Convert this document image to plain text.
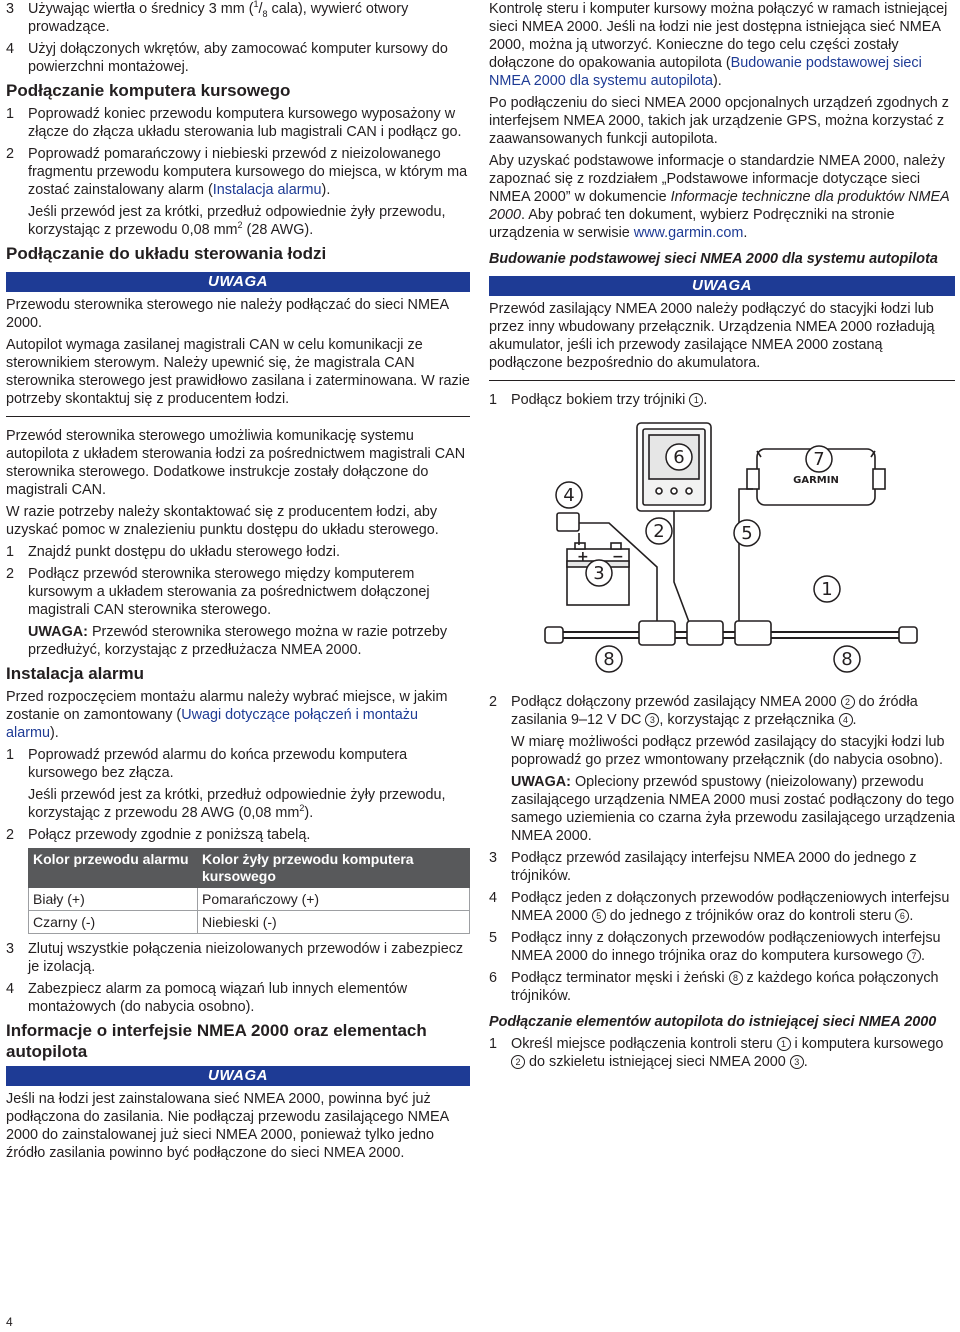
3 Używając wiertła o średnicy 3 mm ($^1/_8$ cala), wywierć otwory prowadzące.
4 Użyj dołączonych wkrętów, aby zamocować komputer kursowy do powierzchni montażowej.
Podłączanie komputera kursowego
1 Poprowadź koniec przewodu komputera kursowego wyposażony w złącze do złącza układu sterowania lub magistrali CAN i podłącz go.
2 Poprowadź pomarańczowy i niebieski przewód z nieizolowanego fragmentu przewodu komputera kursowego do miejsca, w którym ma zostać zainstalowany alarm (Instalacja alarmu).
Jeśli przewód jest za krótki, przedłuż odpowiednie żyły przewodu, korzystając z przewodu 0,08 $mm^2$ (28 AWG).
Podłączanie do układu sterowania łodzi
UWAGA

Przewodu sterownika sterowego nie należy podłączać do sieci NMEA 2000.

Autopilot wymaga zasilanej magistrali CAN w celu komunikacji ze sterownikiem sterowym. Należy upewnić się, że magistrala CAN sterownika sterowego jest prawidłowo zasilana i zaterminowana. W razie potrzeby skontaktuj się z producentem łodzi.

Przewód sterownika sterowego umożliwia komunikację systemu autopilota z układem sterowania łodzi za pośrednictwem magistrali CAN sterownika sterowego. Dodatkowe instrukcje zostały dołączone do magistrali CAN.

W razie potrzeby należy skontaktować się z producentem łodzi, aby uzyskać pomoc w znalezieniu punktu dostępu do układu sterowego.

1 Znajdź punkt dostępu do układu sterowego łodzi.
2 Podłącz przewód sterownika sterowego między komputerem kursowym a układem sterowania za pośrednictwem dołączonej magistrali CAN sterownika sterowego.
UWAGA: Przewód sterownika sterowego można w razie potrzeby przedłużyć, korzystając z przedłużacza NMEA 2000.
Instalacja alarmu

Przed rozpoczęciem montażu alarmu należy wybrać miejsce, w jakim zostanie on zamontowany (Uwagi dotyczące połączeń i montażu alarmu).

1 Poprowadź przewód alarmu do końca przewodu komputera kursowego bez złącza.
Jeśli przewód jest za krótki, przedłuż odpowiednie żyły przewodu, korzystając z przewodu 28 AWG (0,08 $mm^2$).
2 Połącz przewody zgodnie z poniższą tabelą.
Kolor przewodu alarmu	Kolor żyły przewodu komputera kursowego
Biały (+)	Pomarańczowy (+)
Czarny (-)	Niebieski (-)
3 Zlutuj wszystkie połączenia nieizolowanych przewodów i zabezpiecz je izolacją.
4 Zabezpiecz alarm za pomocą wiązań lub innych elementów montażowych (do nabycia osobno).
Informacje o interfejsie NMEA 2000 oraz elementach autopilota
UWAGA

Jeśli na łodzi jest zainstalowana sieć NMEA 2000, powinna być już podłączona do zasilania. Nie podłączaj przewodu zasilającego NMEA 2000 do zainstalowanej już sieci NMEA 2000, ponieważ tylko jedno źródło zasilania powinno być podłączone do sieci NMEA 2000.

4

Kontrolę steru i komputer kursowy można połączyć w ramach istniejącej sieci NMEA 2000. Jeśli na łodzi nie jest dostępna istniejąca sieć NMEA 2000, można ją utworzyć. Konieczne do tego celu części zostały dołączone do opakowania autopilota (Budowanie podstawowej sieci NMEA 2000 dla systemu autopilota).

Po podłączeniu do sieci NMEA 2000 opcjonalnych urządzeń zgodnych z interfejsem NMEA 2000, takich jak urządzenie GPS, można korzystać z zaawansowanych funkcji autopilota.

Aby uzyskać podstawowe informacje o standardzie NMEA 2000, należy zapoznać się z rozdziałem „Podstawowe informacje dotyczące sieci NMEA 2000” w dokumencie Informacje techniczne dla produktów NMEA 2000. Aby pobrać ten dokument, wybierz Podręczniki na stronie urządzenia w serwisie www.garmin.com.

Budowanie podstawowej sieci NMEA 2000 dla systemu autopilota
UWAGA

Przewód zasilający NMEA 2000 należy podłączyć do stacyjki łodzi lub przez inny wbudowany przełącznik. Urządzenia NMEA 2000 rozładują akumulator, jeśli ich przewody zasilające NMEA 2000 zostaną podłączone bezpośrednio do akumulatora.

1 Podłącz bokiem trzy trójniki 1 .
GARMIN
+ −
1
2
3
4
5
6	7
8	8
2 Podłącz dołączony przewód zasilający NMEA 2000 2 do źródła zasilania 9–12 V DC 3 , korzystając z przełącznika 4 .
W miarę możliwości podłącz przewód zasilający do stacyjki łodzi lub poprowadź go przez wmontowany przełącznik (do nabycia osobno).
UWAGA: Opleciony przewód spustowy (nieizolowany) przewodu zasilającego urządzenia NMEA 2000 musi zostać podłączony do tego samego uziemienia co czarna żyła przewodu zasilającego urządzenia NMEA 2000.
3 Podłącz przewód zasilający interfejsu NMEA 2000 do jednego z trójników.
4 Podłącz jeden z dołączonych przewodów podłączeniowych interfejsu NMEA 2000 5 do jednego z trójników oraz do kontroli steru 6 .
5 Podłącz inny z dołączonych przewodów podłączeniowych interfejsu NMEA 2000 do innego trójnika oraz do komputera kursowego 7 .
6 Podłącz terminator męski i żeński 8 z każdego końca połączonych trójników.
Podłączanie elementów autopilota do istniejącej sieci NMEA 2000
1 Określ miejsce podłączenia kontroli steru 1 i komputera kursowego 2 do szkieletu istniejącej sieci NMEA 2000 3 .
